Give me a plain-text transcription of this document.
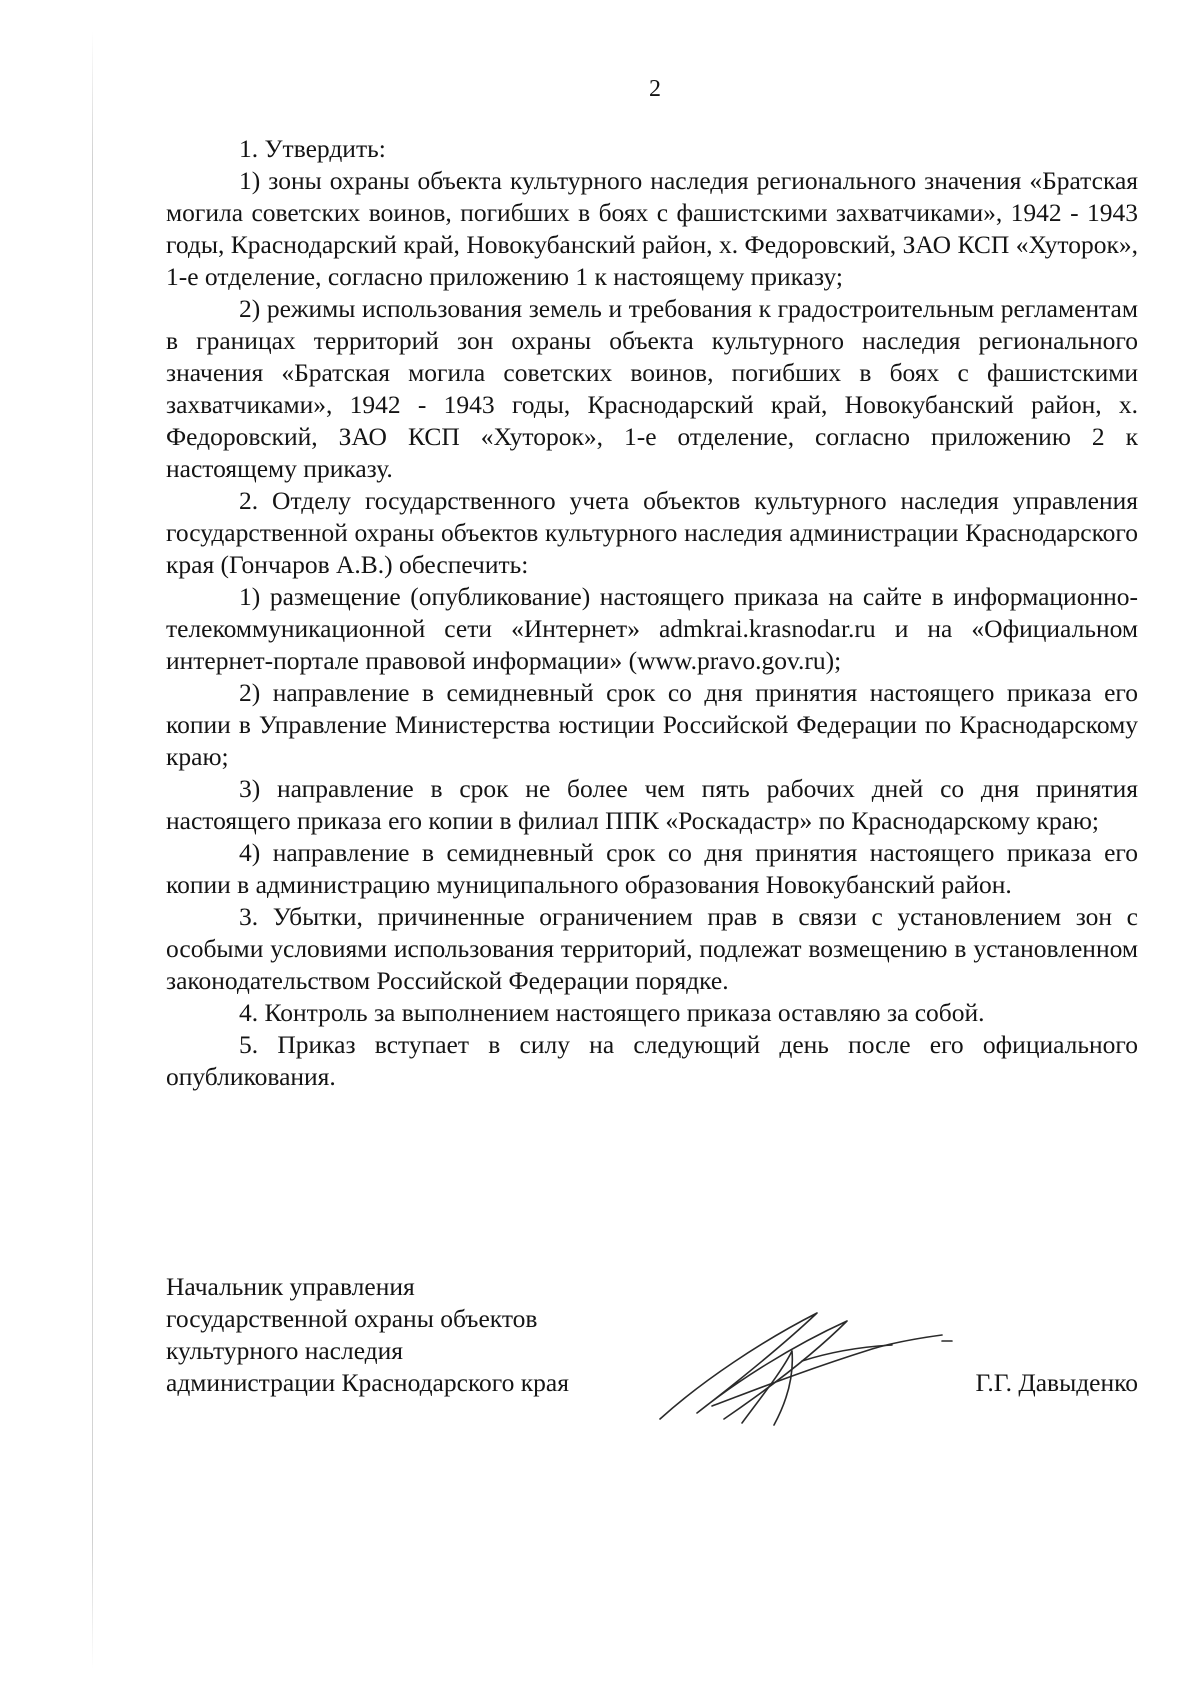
2

1. Утвердить:

1) зоны охраны объекта культурного наследия регионального значения «Братская могила советских воинов, погибших в боях с фашистскими захватчиками», 1942 - 1943 годы, Краснодарский край, Новокубанский район, х. Федоровский, ЗАО КСП «Хуторок», 1-е отделение, согласно приложению 1 к настоящему приказу;

2) режимы использования земель и требования к градостроительным регламентам в границах территорий зон охраны объекта культурного наследия регионального значения «Братская могила советских воинов, погибших в боях с фашистскими захватчиками», 1942 - 1943 годы, Краснодарский край, Новокубанский район, х. Федоровский, ЗАО КСП «Хуторок», 1-е отделение, согласно приложению 2 к настоящему приказу.

2. Отделу государственного учета объектов культурного наследия управления государственной охраны объектов культурного наследия администрации Краснодарского края (Гончаров А.В.) обеспечить:

1) размещение (опубликование) настоящего приказа на сайте в информационно-телекоммуникационной сети «Интернет» admkrai.krasnodar.ru и на «Официальном интернет-портале правовой информации» (www.pravo.gov.ru);

2) направление в семидневный срок со дня принятия настоящего приказа его копии в Управление Министерства юстиции Российской Федерации по Краснодарскому краю;

3) направление в срок не более чем пять рабочих дней со дня принятия настоящего приказа его копии в филиал ППК «Роскадастр» по Краснодарскому краю;

4) направление в семидневный срок со дня принятия настоящего приказа его копии в администрацию муниципального образования Новокубанский район.

3. Убытки, причиненные ограничением прав в связи с установлением зон с особыми условиями использования территорий, подлежат возмещению в установленном законодательством Российской Федерации порядке.

4. Контроль за выполнением настоящего приказа оставляю за собой.

5. Приказ вступает в силу на следующий день после его официального опубликования.

Начальник управления
государственной охраны объектов
культурного наследия
администрации Краснодарского края	Г.Г. Давыденко
